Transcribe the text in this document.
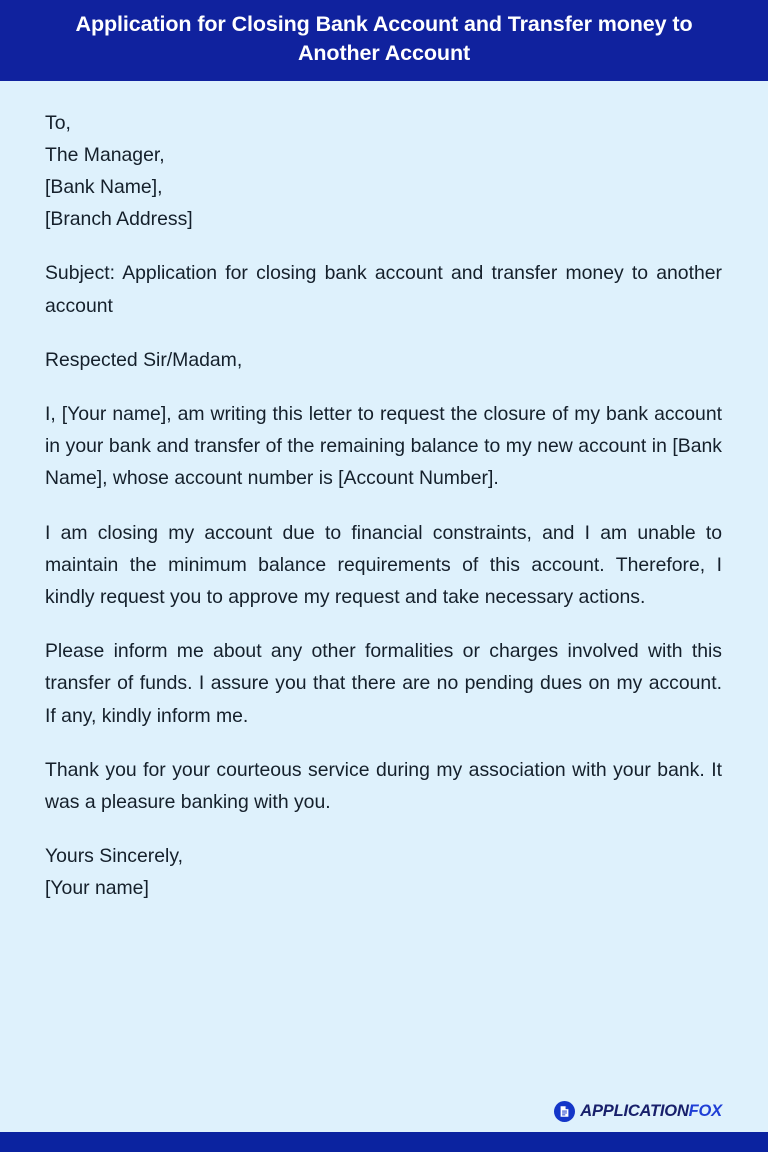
Application for Closing Bank Account and Transfer money to Another Account
To,
The Manager,
[Bank Name],
[Branch Address]
Subject: Application for closing bank account and transfer money to another account
Respected Sir/Madam,
I, [Your name], am writing this letter to request the closure of my bank account in your bank and transfer of the remaining balance to my new account in [Bank Name], whose account number is [Account Number].
I am closing my account due to financial constraints, and I am unable to maintain the minimum balance requirements of this account. Therefore, I kindly request you to approve my request and take necessary actions.
Please inform me about any other formalities or charges involved with this transfer of funds. I assure you that there are no pending dues on my account. If any, kindly inform me.
Thank you for your courteous service during my association with your bank. It was a pleasure banking with you.
Yours Sincerely,
[Your name]
APPLICATIONFOX
